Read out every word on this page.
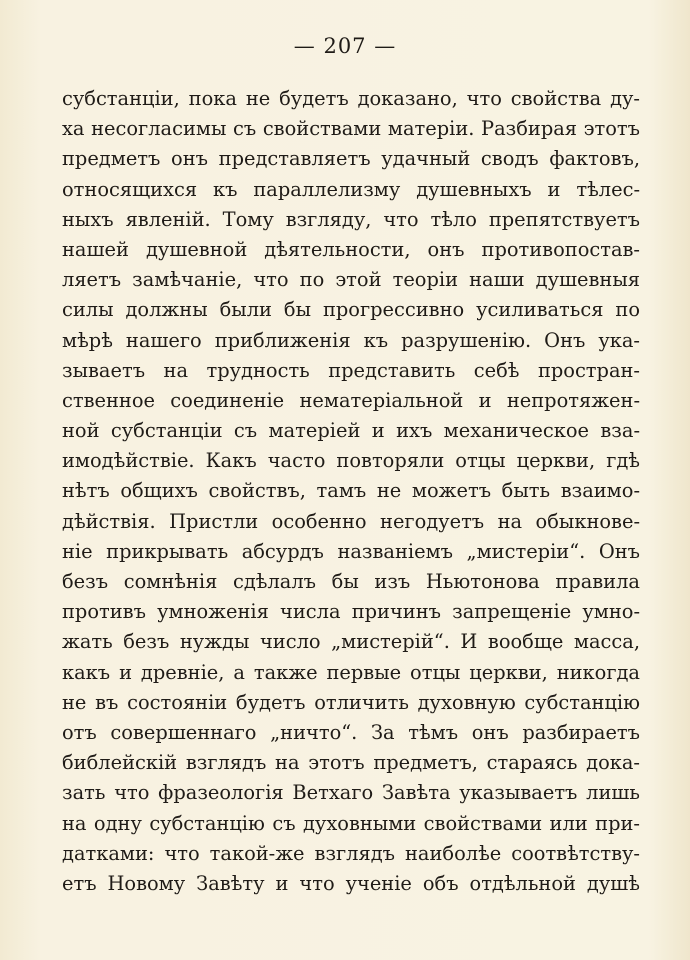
— 207 —
субстанціи, пока не будетъ доказано, что свойства ду-
ха несогласимы съ свойствами матеріи. Разбирая этотъ
предметъ онъ представляетъ удачный сводъ фактовъ,
относящихся къ параллелизму душевныхъ и тѣлес-
ныхъ явленій. Тому взгляду, что тѣло препятствуетъ
нашей душевной дѣятельности, онъ противопостав-
ляетъ замѣчаніе, что по этой теоріи наши душевныя
силы должны были бы прогрессивно усиливаться по
мѣрѣ нашего приближенія къ разрушенію. Онъ ука-
зываетъ на трудность представить себѣ простран-
ственное соединеніе нематеріальной и непротяжен-
ной субстанціи съ матеріей и ихъ механическое вза-
имодѣйствіе. Какъ часто повторяли отцы церкви, гдѣ
нѣтъ общихъ свойствъ, тамъ не можетъ быть взаимо-
дѣйствія. Пристли особенно негодуетъ на обыкнове-
ніе прикрывать абсурдъ названіемъ „мистеріи“. Онъ
безъ сомнѣнія сдѣлалъ бы изъ Ньютонова правила
противъ умноженія числа причинъ запрещеніе умно-
жать безъ нужды число „мистерій“. И вообще масса,
какъ и древніе, а также первые отцы церкви, никогда
не въ состояніи будетъ отличить духовную субстанцію
отъ совершеннаго „ничто“. За тѣмъ онъ разбираетъ
библейскій взглядъ на этотъ предметъ, стараясь дока-
зать что фразеологія Ветхаго Завѣта указываетъ лишь
на одну субстанцію съ духовными свойствами или при-
датками: что такой-же взглядъ наиболѣе соотвѣтству-
етъ Новому Завѣту и что ученіе объ отдѣльной душѣ
